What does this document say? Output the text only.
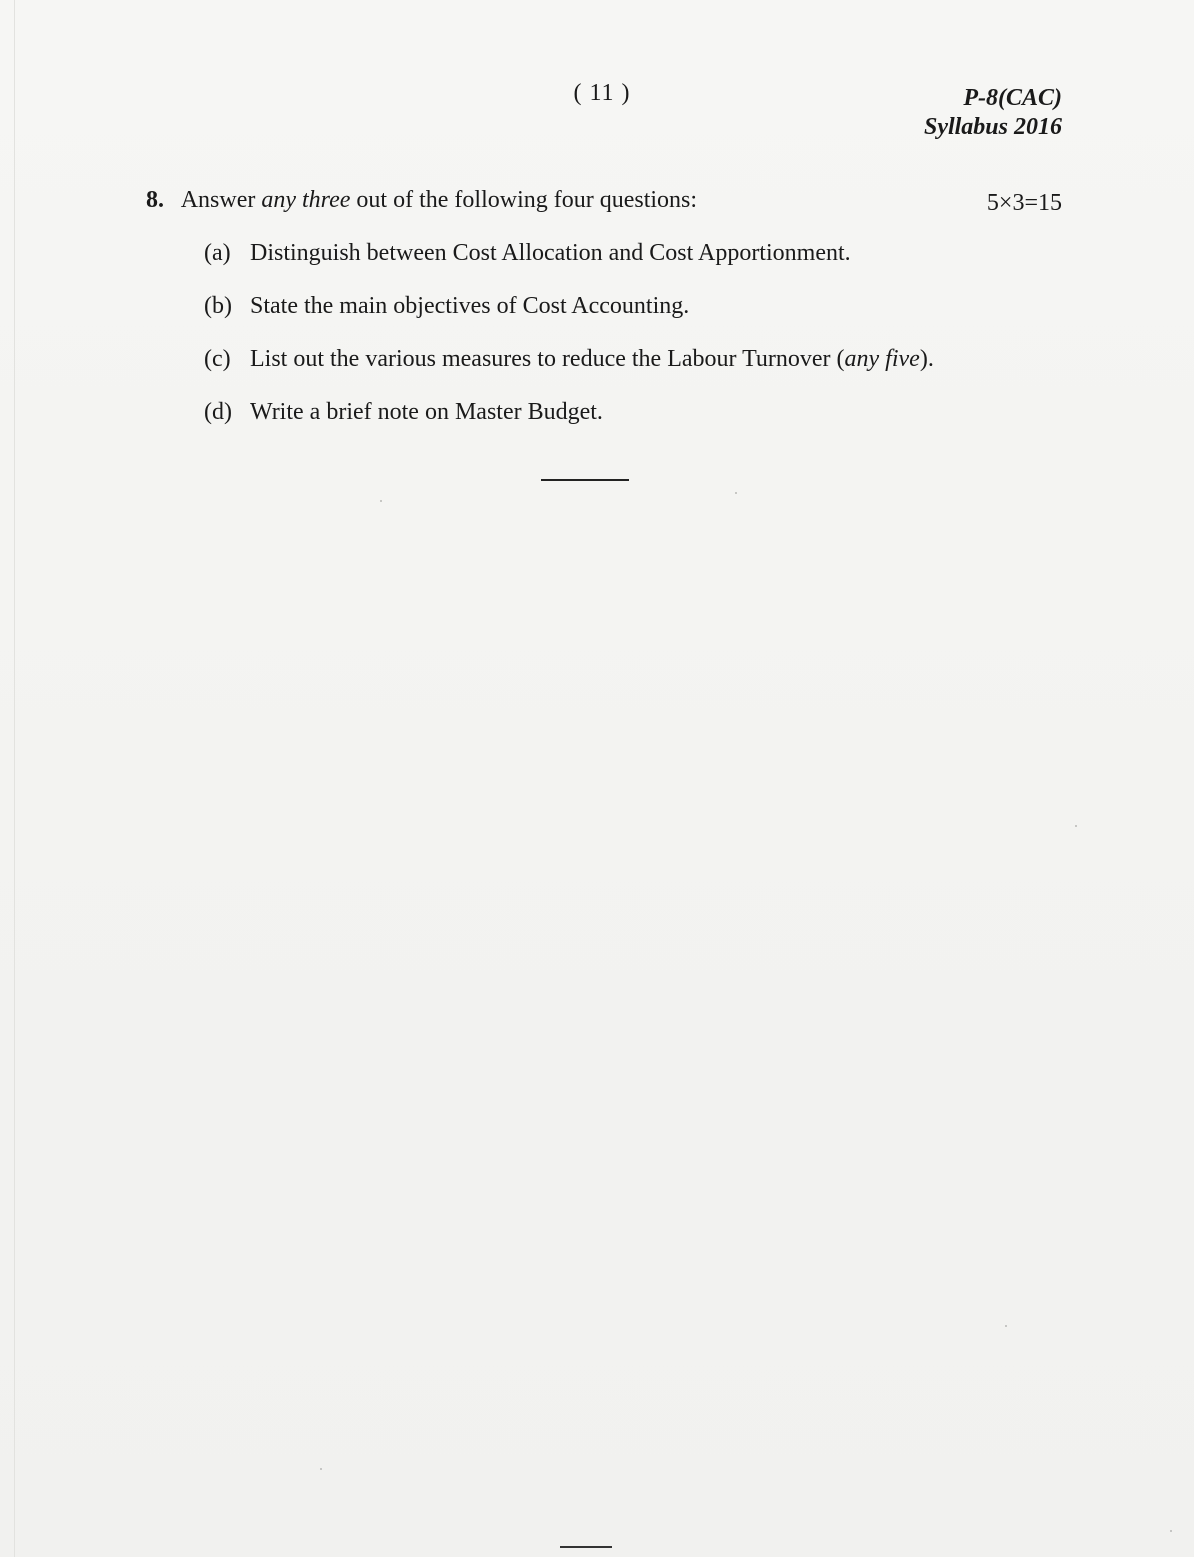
( 11 )	P-8(CAC)
Syllabus 2016
8. Answer any three out of the following four questions:	5×3=15
(a) Distinguish between Cost Allocation and Cost Apportionment.
(b) State the main objectives of Cost Accounting.
(c) List out the various measures to reduce the Labour Turnover (any five).
(d) Write a brief note on Master Budget.
